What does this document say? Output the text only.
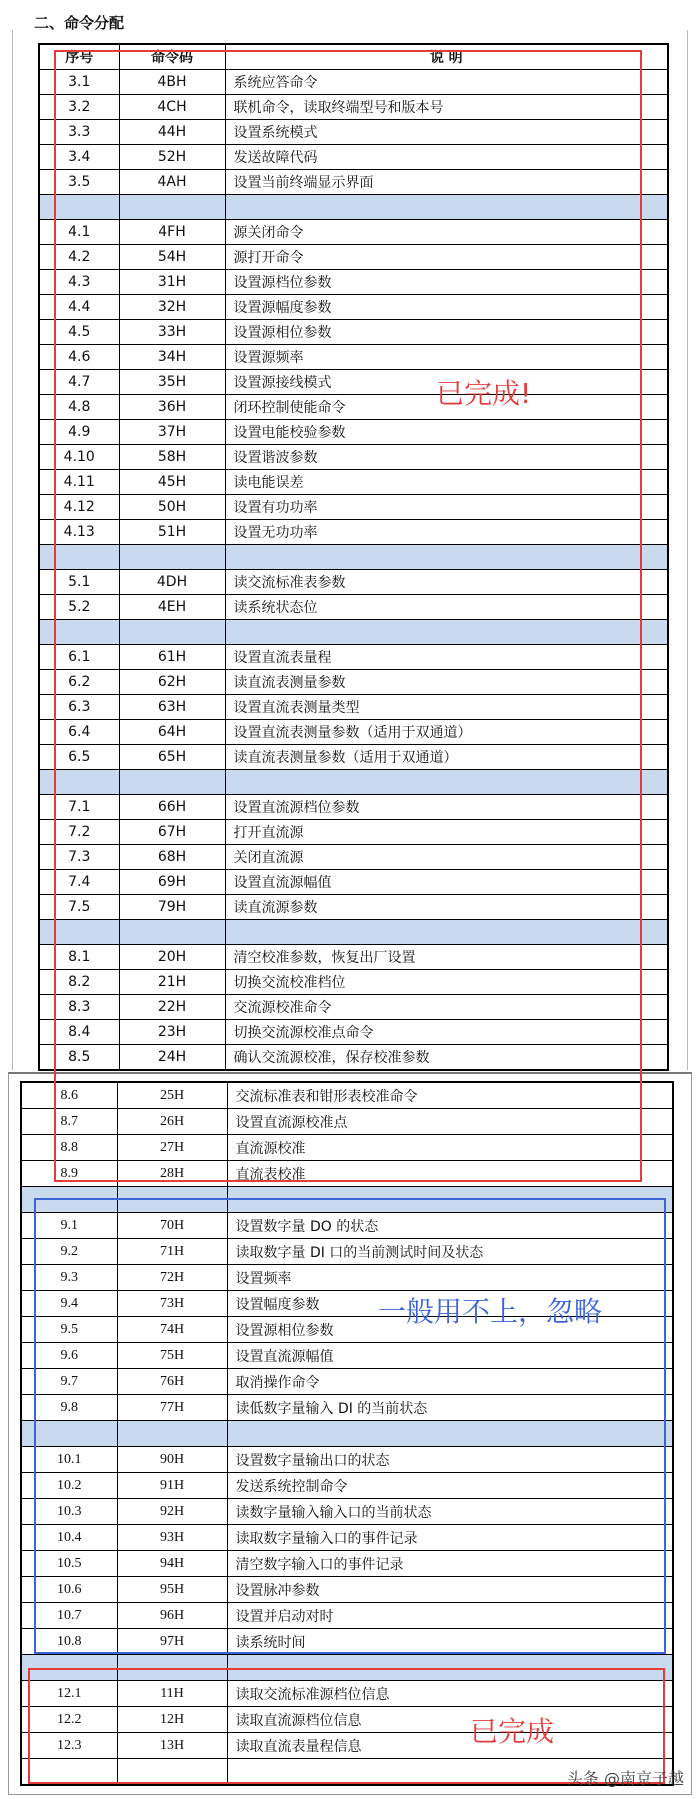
二、命令分配
序号	命令码	说 明
3.1	4BH	系统应答命令
3.2	4CH	联机命令，读取终端型号和版本号
3.3	44H	设置系统模式
3.4	52H	发送故障代码
3.5	4AH	设置当前终端显示界面

4.1	4FH	源关闭命令
4.2	54H	源打开命令
4.3	31H	设置源档位参数
4.4	32H	设置源幅度参数
4.5	33H	设置源相位参数
4.6	34H	设置源频率
4.7	35H	设置源接线模式
4.8	36H	闭环控制使能命令
4.9	37H	设置电能校验参数
4.10	58H	设置谐波参数
4.11	45H	读电能误差
4.12	50H	设置有功功率
4.13	51H	设置无功功率

5.1	4DH	读交流标准表参数
5.2	4EH	读系统状态位

6.1	61H	设置直流表量程
6.2	62H	读直流表测量参数
6.3	63H	设置直流表测量类型
6.4	64H	设置直流表测量参数（适用于双通道）
6.5	65H	读直流表测量参数（适用于双通道）

7.1	66H	设置直流源档位参数
7.2	67H	打开直流源
7.3	68H	关闭直流源
7.4	69H	设置直流源幅值
7.5	79H	读直流源参数

8.1	20H	清空校准参数，恢复出厂设置
8.2	21H	切换交流校准档位
8.3	22H	交流源校准命令
8.4	23H	切换交流源校准点命令
8.5	24H	确认交流源校准，保存校准参数
8.6	25H	交流标准表和钳形表校准命令
8.7	26H	设置直流源校准点
8.8	27H	直流源校准
8.9	28H	直流表校准

9.1	70H	设置数字量 DO 的状态
9.2	71H	读取数字量 DI 口的当前测试时间及状态
9.3	72H	设置频率
9.4	73H	设置幅度参数
9.5	74H	设置源相位参数
9.6	75H	设置直流源幅值
9.7	76H	取消操作命令
9.8	77H	读低数字量输入 DI 的当前状态

10.1	90H	设置数字量输出口的状态
10.2	91H	发送系统控制命令
10.3	92H	读数字量输入输入口的当前状态
10.4	93H	读取数字量输入口的事件记录
10.5	94H	清空数字输入口的事件记录
10.6	95H	设置脉冲参数
10.7	96H	设置并启动对时
10.8	97H	读系统时间

12.1	11H	读取交流标准源档位信息
12.2	12H	读取直流源档位信息
12.3	13H	读取直流表量程信息

已完成!
一般用不上，忽略
已完成
头条 @南京子越
